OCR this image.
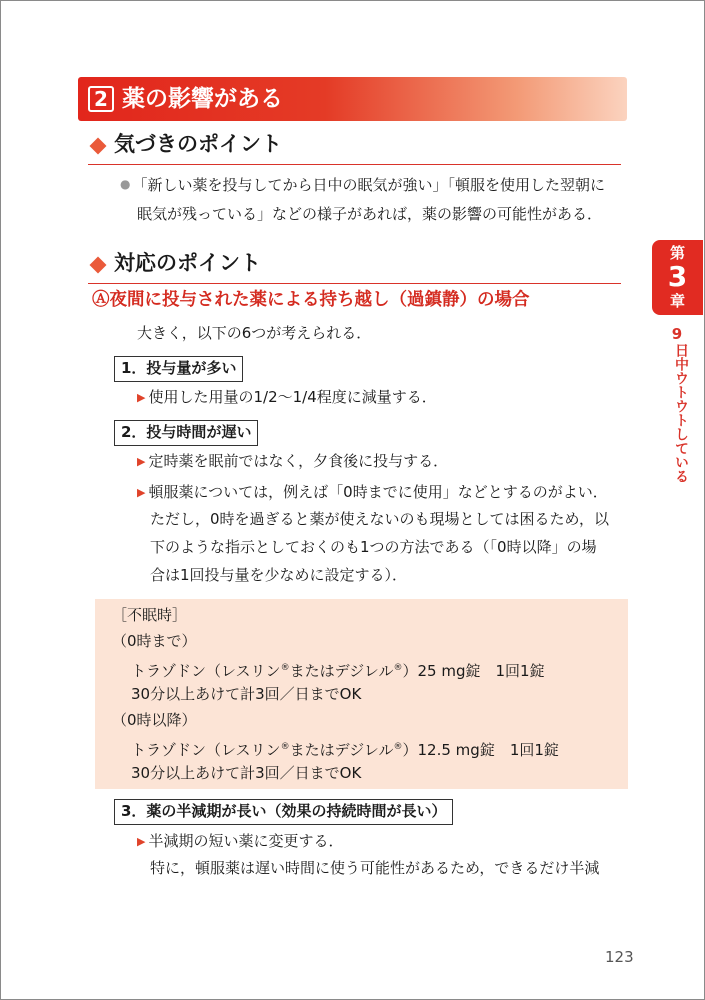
2 薬の影響がある
気づきのポイント
● 「新しい薬を投与してから日中の眠気が強い」「頓服を使用した翌朝に
眠気が残っている」などの様子があれば，薬の影響の可能性がある．
対応のポイント
Ⓐ夜間に投与された薬による持ち越し（過鎮静）の場合
大きく，以下の6つが考えられる．
1．投与量が多い
▶ 使用した用量の1/2～1/4程度に減量する．
2．投与時間が遅い
▶ 定時薬を眠前ではなく，夕食後に投与する．
▶ 頓服薬については，例えば「0時までに使用」などとするのがよい．
ただし，0時を過ぎると薬が使えないのも現場としては困るため，以
下のような指示としておくのも1つの方法である（「0時以降」の場
合は1回投与量を少なめに設定する）．
［不眠時］
（0時まで）
トラゾドン（レスリン®またはデジレル®）25 mg錠　1回1錠
30分以上あけて計3回／日までOK
（0時以降）
トラゾドン（レスリン®またはデジレル®）12.5 mg錠　1回1錠
30分以上あけて計3回／日までOK
3．薬の半減期が長い（効果の持続時間が長い）
▶ 半減期の短い薬に変更する．
特に，頓服薬は遅い時間に使う可能性があるため，できるだけ半減
第
3
章
9
日中ウトウトしている
123
